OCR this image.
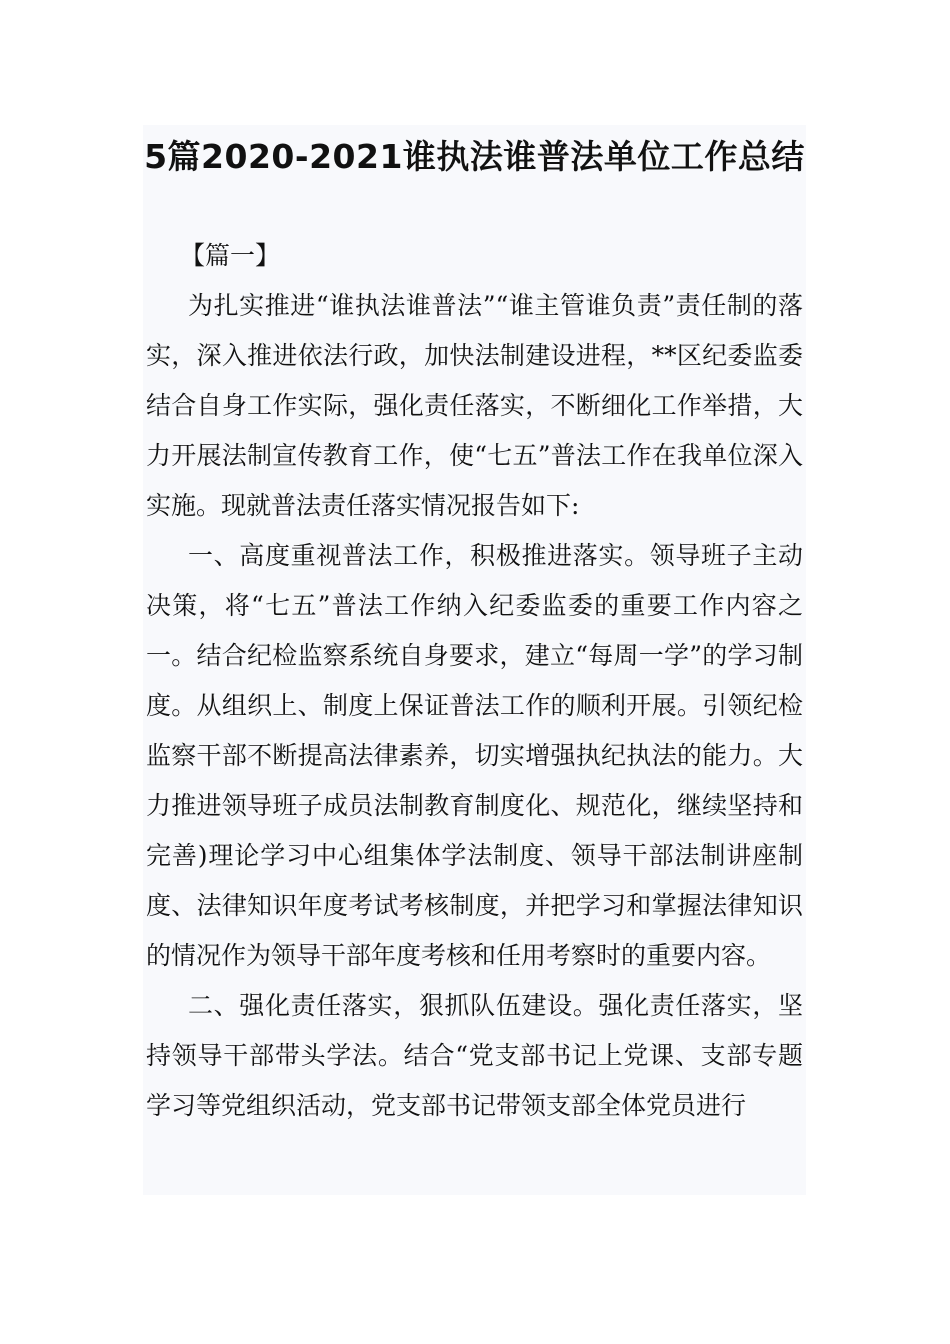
5篇2020-2021谁执法谁普法单位工作总结

【篇一】

为扎实推进“谁执法谁普法”“谁主管谁负责”责任制的落实，深入推进依法行政，加快法制建设进程，**区纪委监委结合自身工作实际，强化责任落实，不断细化工作举措，大力开展法制宣传教育工作，使“七五”普法工作在我单位深入实施。现就普法责任落实情况报告如下:

一、高度重视普法工作，积极推进落实。领导班子主动决策，将“七五”普法工作纳入纪委监委的重要工作内容之一。结合纪检监察系统自身要求，建立“每周一学”的学习制度。从组织上、制度上保证普法工作的顺利开展。引领纪检监察干部不断提高法律素养，切实增强执纪执法的能力。大力推进领导班子成员法制教育制度化、规范化，继续坚持和完善)理论学习中心组集体学法制度、领导干部法制讲座制度、法律知识年度考试考核制度，并把学习和掌握法律知识的情况作为领导干部年度考核和任用考察时的重要内容。

二、强化责任落实，狠抓队伍建设。强化责任落实，坚持领导干部带头学法。结合“党支部书记上党课、支部专题学习等党组织活动，党支部书记带领支部全体党员进行
